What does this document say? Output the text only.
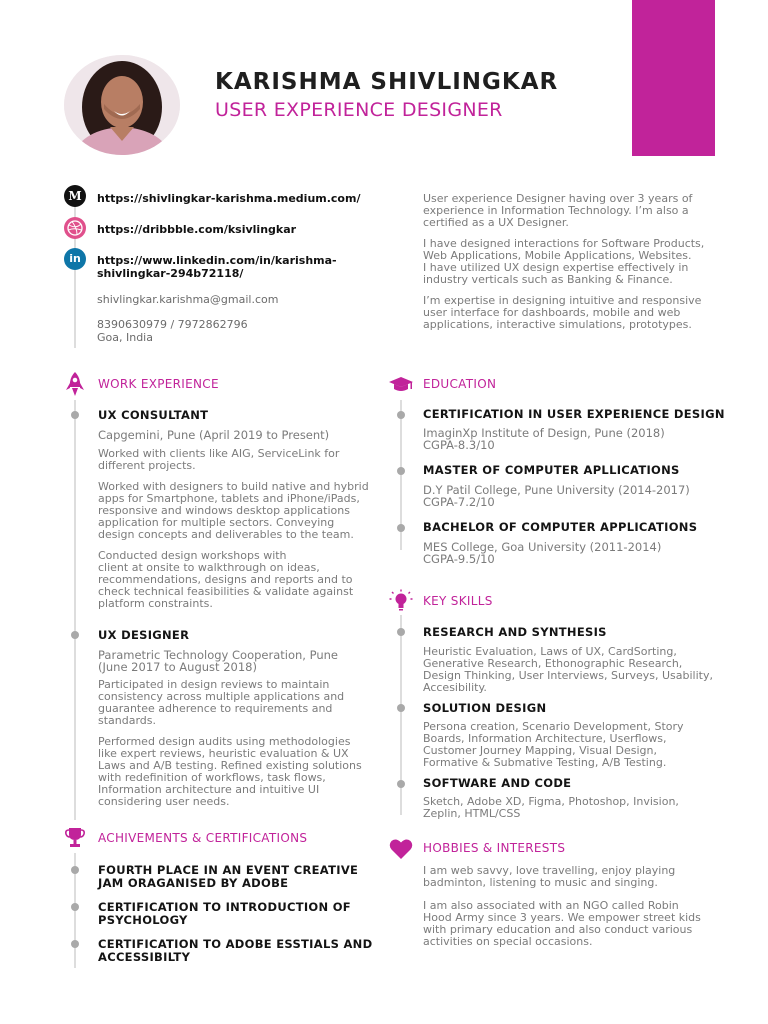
KARISHMA SHIVLINGKAR
USER EXPERIENCE DESIGNER
M	https://shivlingkar-karishma.medium.com/
https://dribbble.com/ksivlingkar
in	https://www.linkedin.com/in/karishma-
shivlingkar-294b72118/
shivlingkar.karishma@gmail.com
8390630979 / 7972862796
Goa, India
User experience Designer having over 3 years of
experience in Information Technology. I’m also a
certified as a UX Designer.
I have designed interactions for Software Products,
Web Applications, Mobile Applications, Websites.
I have utilized UX design expertise effectively in
industry verticals such as Banking & Finance.
I’m expertise in designing intuitive and responsive
user interface for dashboards, mobile and web
applications, interactive simulations, prototypes.
WORK EXPERIENCE
UX CONSULTANT
Capgemini, Pune (April 2019 to Present)
Worked with clients like AIG, ServiceLink for
different projects.
Worked with designers to build native and hybrid
apps for Smartphone, tablets and iPhone/iPads,
responsive and windows desktop applications
application for multiple sectors. Conveying
design concepts and deliverables to the team.
Conducted design workshops with
client at onsite to walkthrough on ideas,
recommendations, designs and reports and to
check technical feasibilities & validate against
platform constraints.
UX DESIGNER
Parametric Technology Cooperation, Pune
(June 2017 to August 2018)
Participated in design reviews to maintain
consistency across multiple applications and
guarantee adherence to requirements and
standards.
Performed design audits using methodologies
like expert reviews, heuristic evaluation & UX
Laws and A/B testing. Refined existing solutions
with redefinition of workflows, task flows,
Information architecture and intuitive UI
considering user needs.
ACHIVEMENTS & CERTIFICATIONS
FOURTH PLACE IN AN EVENT CREATIVE
JAM ORAGANISED BY ADOBE
CERTIFICATION TO INTRODUCTION OF
PSYCHOLOGY
CERTIFICATION TO ADOBE ESSTIALS AND
ACCESSIBILTY
EDUCATION
CERTIFICATION IN USER EXPERIENCE DESIGN
ImaginXp Institute of Design, Pune (2018)
CGPA-8.3/10
MASTER OF COMPUTER APLLICATIONS
D.Y Patil College, Pune University (2014-2017)
CGPA-7.2/10
BACHELOR OF COMPUTER APPLICATIONS
MES College, Goa University (2011-2014)
CGPA-9.5/10
KEY SKILLS
RESEARCH AND SYNTHESIS
Heuristic Evaluation, Laws of UX, CardSorting,
Generative Research, Ethonographic Research,
Design Thinking, User Interviews, Surveys, Usability,
Accesibility.
SOLUTION DESIGN
Persona creation, Scenario Development, Story
Boards, Information Architecture, Userflows,
Customer Journey Mapping, Visual Design,
Formative & Submative Testing, A/B Testing.
SOFTWARE AND CODE
Sketch, Adobe XD, Figma, Photoshop, Invision,
Zeplin, HTML/CSS
HOBBIES & INTERESTS
I am web savvy, love travelling, enjoy playing
badminton, listening to music and singing.
I am also associated with an NGO called Robin
Hood Army since 3 years. We empower street kids
with primary education and also conduct various
activities on special occasions.
